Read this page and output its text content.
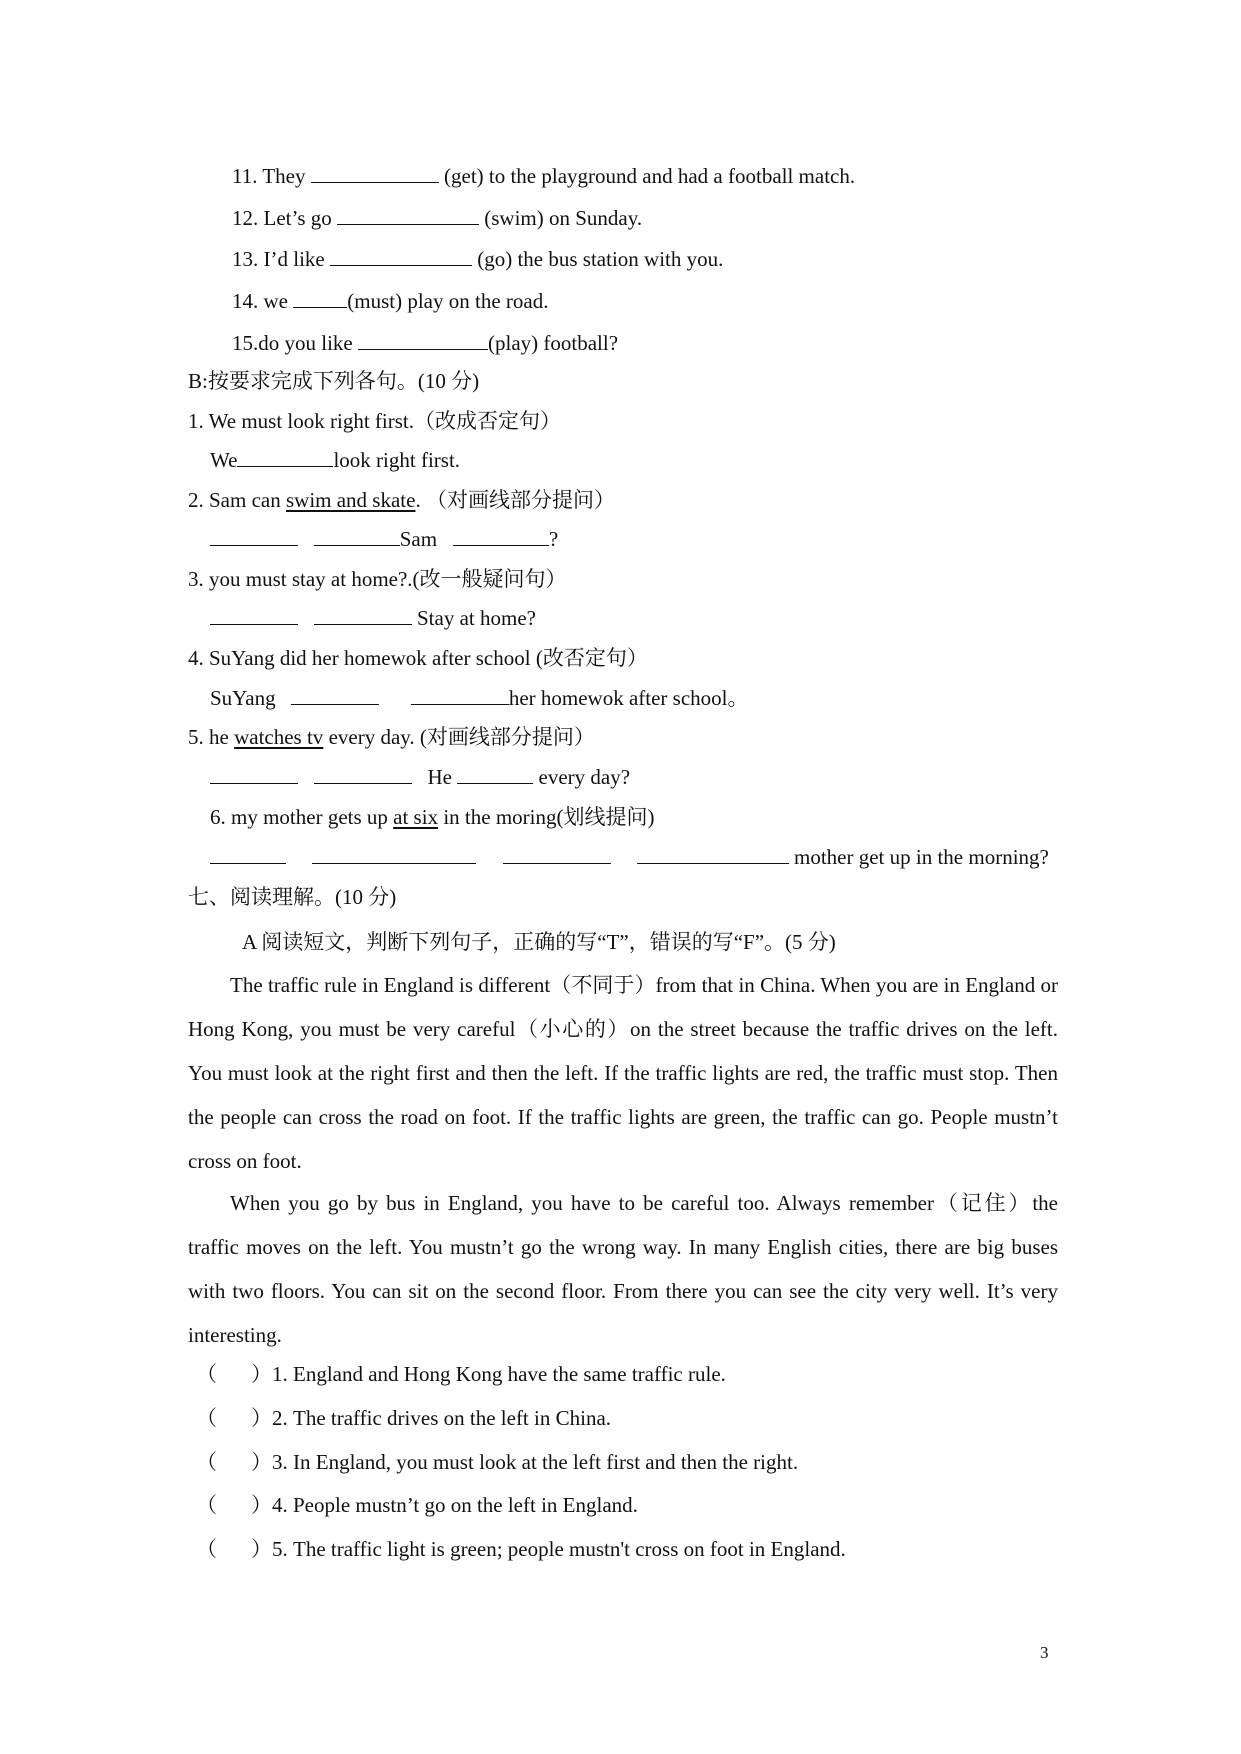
11. They	(get) to the playground and had a football match.
12. Let’s go	(swim) on Sunday.
13. I’d like	(go) the bus station with you.
14. we	(must) play on the road.
15.do you like	(play) football?
B:按要求完成下列各句。(10 分)
1. We must look right first.（改成否定句）
We	look right first.
2. Sam can swim and skate. （对画线部分提问）
Sam	?
3. you must stay at home?.(改一般疑问句）
Stay at home?
4. SuYang did her homewok after school (改否定句）
SuYang	her homewok after school。
5. he watches tv every day. (对画线部分提问）
He	every day?
6. my mother gets up at six in the moring(划线提问)
mother get up in the morning?
七、阅读理解。(10 分)
A 阅读短文，判断下列句子，正确的写“T”，错误的写“F”。(5 分)
The traffic rule in England is different（不同于）from that in China. When you are in England or Hong Kong, you must be very careful（小心的）on the street because the traffic drives on the left. You must look at the right first and then the left. If the traffic lights are red, the traffic must stop. Then the people can cross the road on foot. If the traffic lights are green, the traffic can go. People mustn’t cross on foot.
When you go by bus in England, you have to be careful too. Always remember（记住）the traffic moves on the left. You mustn’t go the wrong way. In many English cities, there are big buses with two floors. You can sit on the second floor. From there you can see the city very well. It’s very interesting.
（ ）1. England and Hong Kong have the same traffic rule.
（ ）2. The traffic drives on the left in China.
（ ）3. In England, you must look at the left first and then the right.
（ ）4. People mustn’t go on the left in England.
（ ）5. The traffic light is green; people mustn't cross on foot in England.
3
